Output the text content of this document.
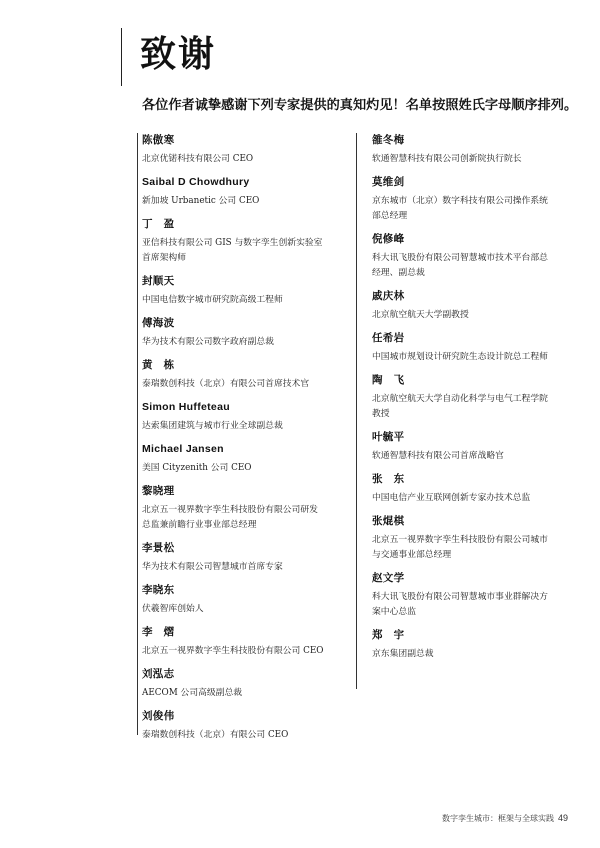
致谢
各位作者诚挚感谢下列专家提供的真知灼见！名单按照姓氏字母顺序排列。
陈傲寒
北京优锘科技有限公司 CEO
Saibal D Chowdhury
新加坡 Urbanetic 公司 CEO
丁　盈
亚信科技有限公司 GIS 与数字孪生创新实验室
首席架构师
封顺天
中国电信数字城市研究院高级工程师
傅海波
华为技术有限公司数字政府副总裁
黄　栋
泰瑞数创科技（北京）有限公司首席技术官
Simon Huffeteau
达索集团建筑与城市行业全球副总裁
Michael Jansen
美国 Cityzenith 公司 CEO
黎晓理
北京五一视界数字孪生科技股份有限公司研发
总监兼前瞻行业事业部总经理
李景松
华为技术有限公司智慧城市首席专家
李晓东
伏羲智库创始人
李　熠
北京五一视界数字孪生科技股份有限公司 CEO
刘泓志
AECOM 公司高级副总裁
刘俊伟
泰瑞数创科技（北京）有限公司 CEO
雒冬梅
软通智慧科技有限公司创新院执行院长
莫维剑
京东城市（北京）数字科技有限公司操作系统
部总经理
倪修峰
科大讯飞股份有限公司智慧城市技术平台部总
经理、副总裁
戚庆林
北京航空航天大学副教授
任希岩
中国城市规划设计研究院生态设计院总工程师
陶　飞
北京航空航天大学自动化科学与电气工程学院
教授
叶毓平
软通智慧科技有限公司首席战略官
张　东
中国电信产业互联网创新专家办技术总监
张焜棋
北京五一视界数字孪生科技股份有限公司城市
与交通事业部总经理
赵文学
科大讯飞股份有限公司智慧城市事业群解决方
案中心总监
郑　宇
京东集团副总裁
数字孪生城市：框架与全球实践 49
